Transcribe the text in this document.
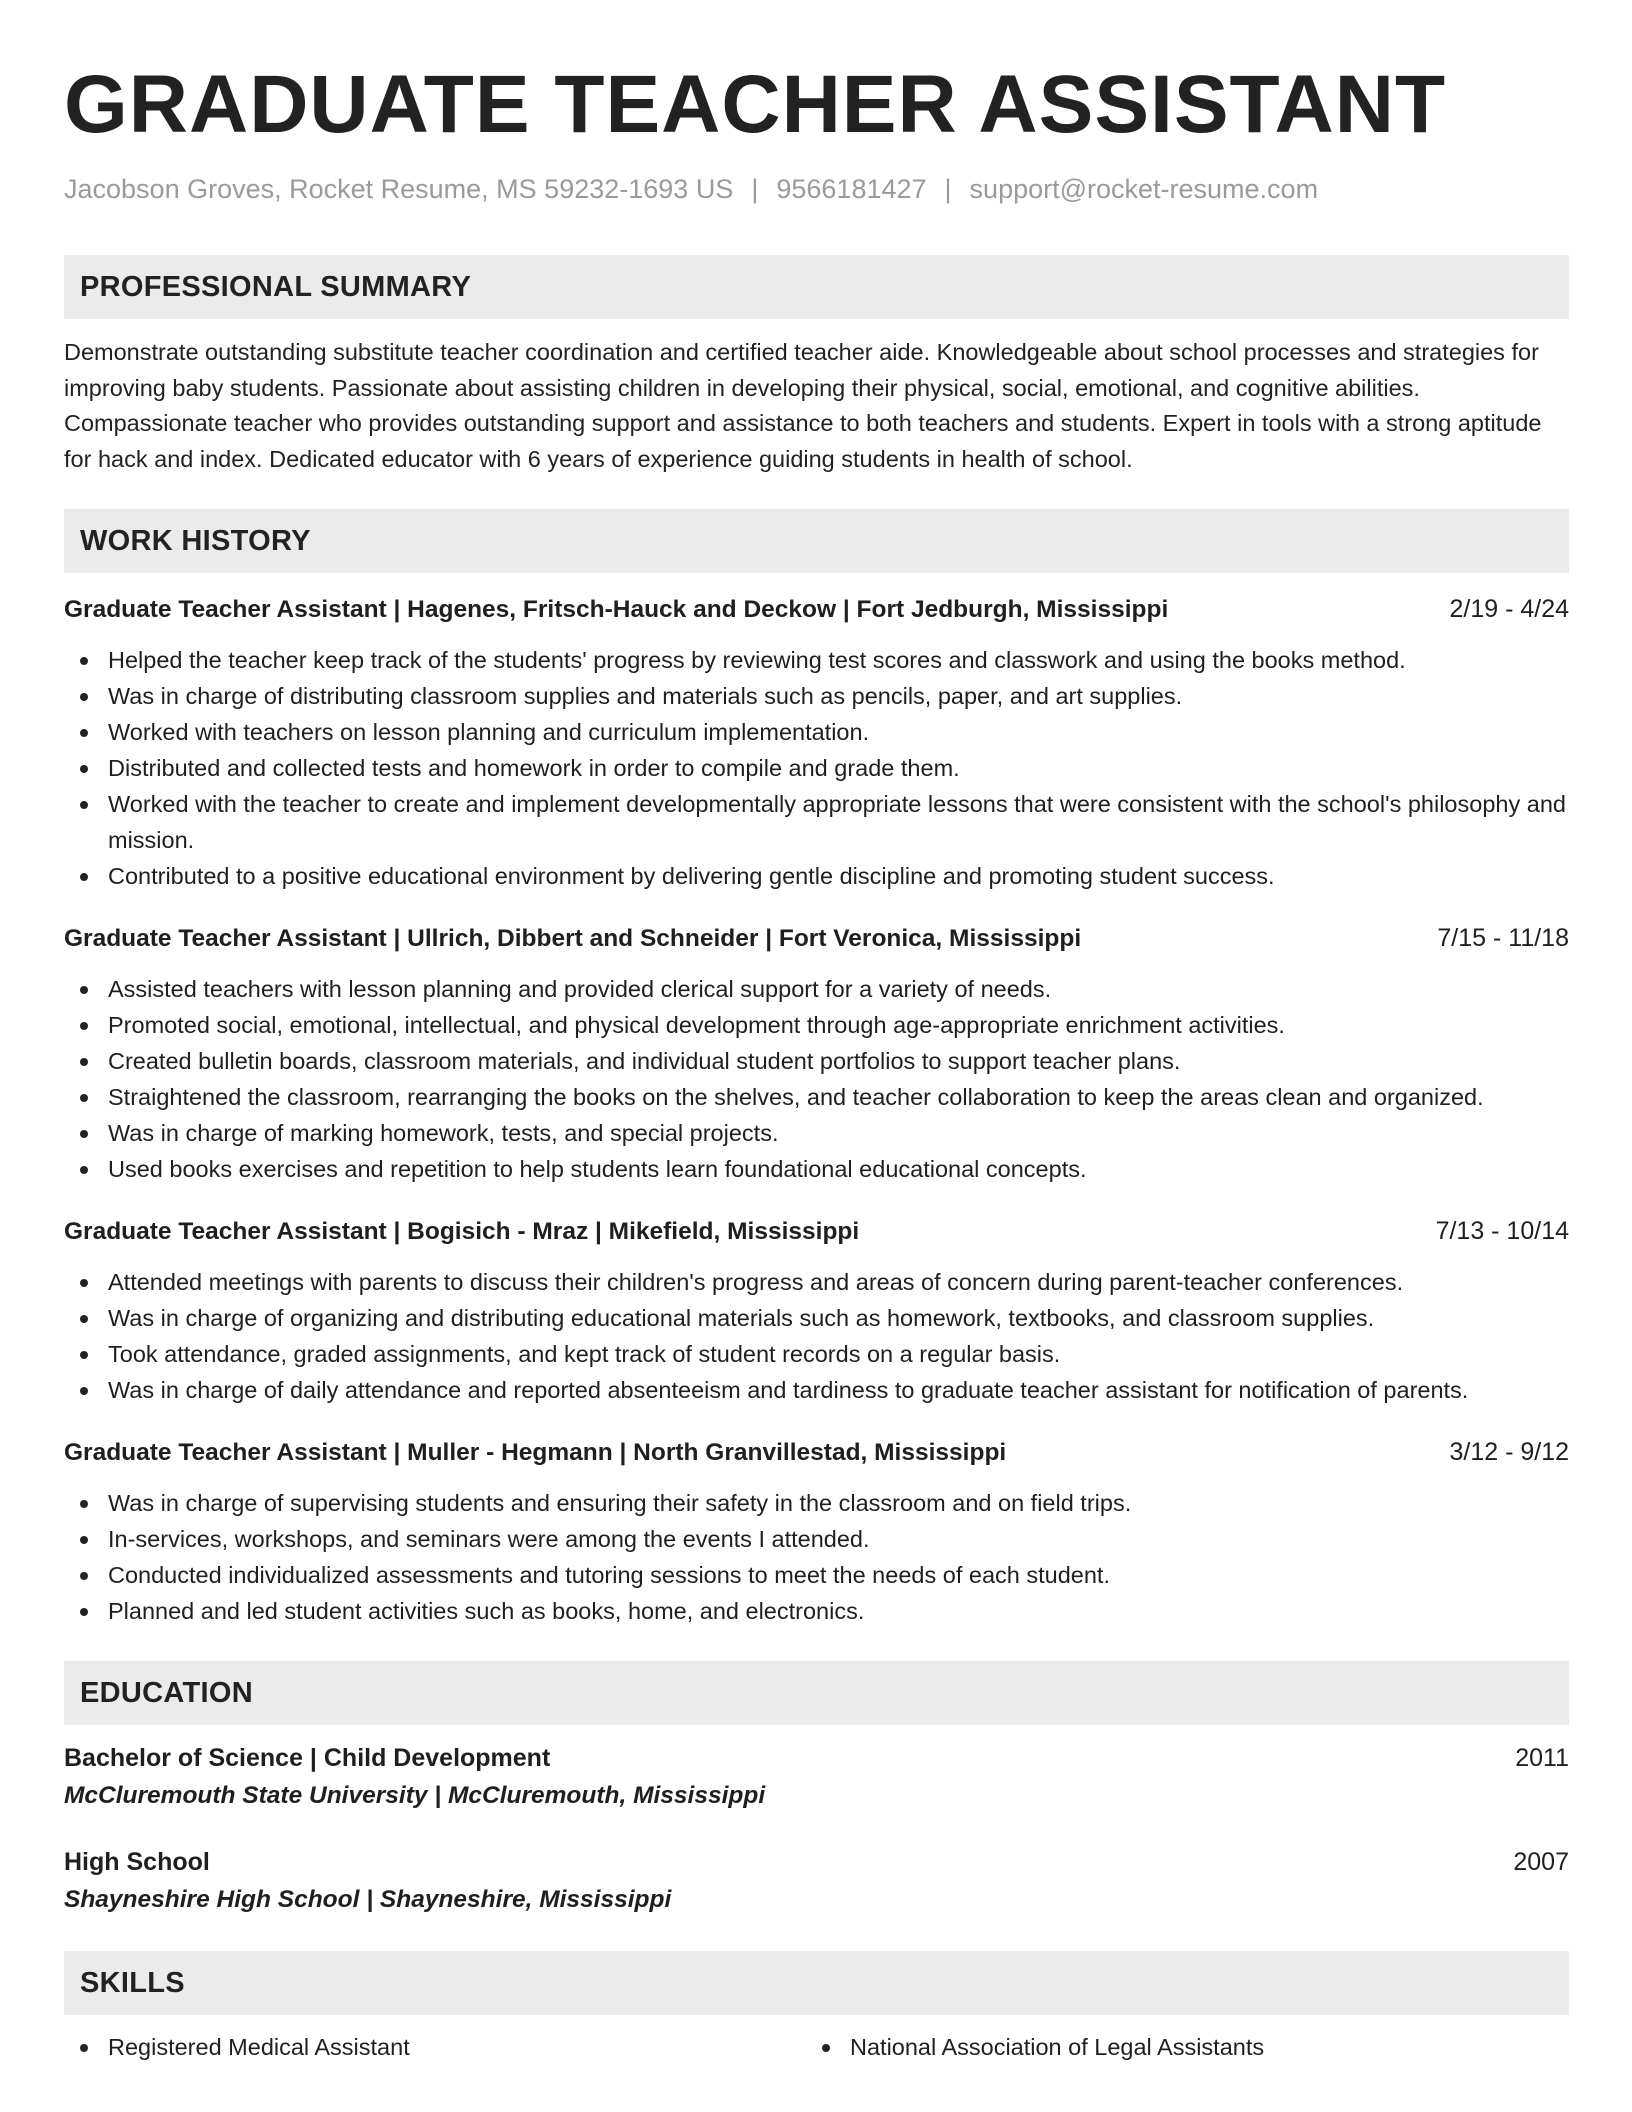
GRADUATE TEACHER ASSISTANT
Jacobson Groves, Rocket Resume, MS 59232-1693 US | 9566181427 | support@rocket-resume.com
PROFESSIONAL SUMMARY
Demonstrate outstanding substitute teacher coordination and certified teacher aide. Knowledgeable about school processes and strategies for improving baby students. Passionate about assisting children in developing their physical, social, emotional, and cognitive abilities. Compassionate teacher who provides outstanding support and assistance to both teachers and students. Expert in tools with a strong aptitude for hack and index. Dedicated educator with 6 years of experience guiding students in health of school.
WORK HISTORY
Graduate Teacher Assistant | Hagenes, Fritsch-Hauck and Deckow | Fort Jedburgh, Mississippi	2/19 - 4/24
Helped the teacher keep track of the students' progress by reviewing test scores and classwork and using the books method.
Was in charge of distributing classroom supplies and materials such as pencils, paper, and art supplies.
Worked with teachers on lesson planning and curriculum implementation.
Distributed and collected tests and homework in order to compile and grade them.
Worked with the teacher to create and implement developmentally appropriate lessons that were consistent with the school's philosophy and mission.
Contributed to a positive educational environment by delivering gentle discipline and promoting student success.
Graduate Teacher Assistant | Ullrich, Dibbert and Schneider | Fort Veronica, Mississippi	7/15 - 11/18
Assisted teachers with lesson planning and provided clerical support for a variety of needs.
Promoted social, emotional, intellectual, and physical development through age-appropriate enrichment activities.
Created bulletin boards, classroom materials, and individual student portfolios to support teacher plans.
Straightened the classroom, rearranging the books on the shelves, and teacher collaboration to keep the areas clean and organized.
Was in charge of marking homework, tests, and special projects.
Used books exercises and repetition to help students learn foundational educational concepts.
Graduate Teacher Assistant | Bogisich - Mraz | Mikefield, Mississippi	7/13 - 10/14
Attended meetings with parents to discuss their children's progress and areas of concern during parent-teacher conferences.
Was in charge of organizing and distributing educational materials such as homework, textbooks, and classroom supplies.
Took attendance, graded assignments, and kept track of student records on a regular basis.
Was in charge of daily attendance and reported absenteeism and tardiness to graduate teacher assistant for notification of parents.
Graduate Teacher Assistant | Muller - Hegmann | North Granvillestad, Mississippi	3/12 - 9/12
Was in charge of supervising students and ensuring their safety in the classroom and on field trips.
In-services, workshops, and seminars were among the events I attended.
Conducted individualized assessments and tutoring sessions to meet the needs of each student.
Planned and led student activities such as books, home, and electronics.
EDUCATION
Bachelor of Science | Child Development	2011
McCluremouth State University | McCluremouth, Mississippi
High School	2007
Shayneshire High School | Shayneshire, Mississippi
SKILLS
Registered Medical Assistant	National Association of Legal Assistants
